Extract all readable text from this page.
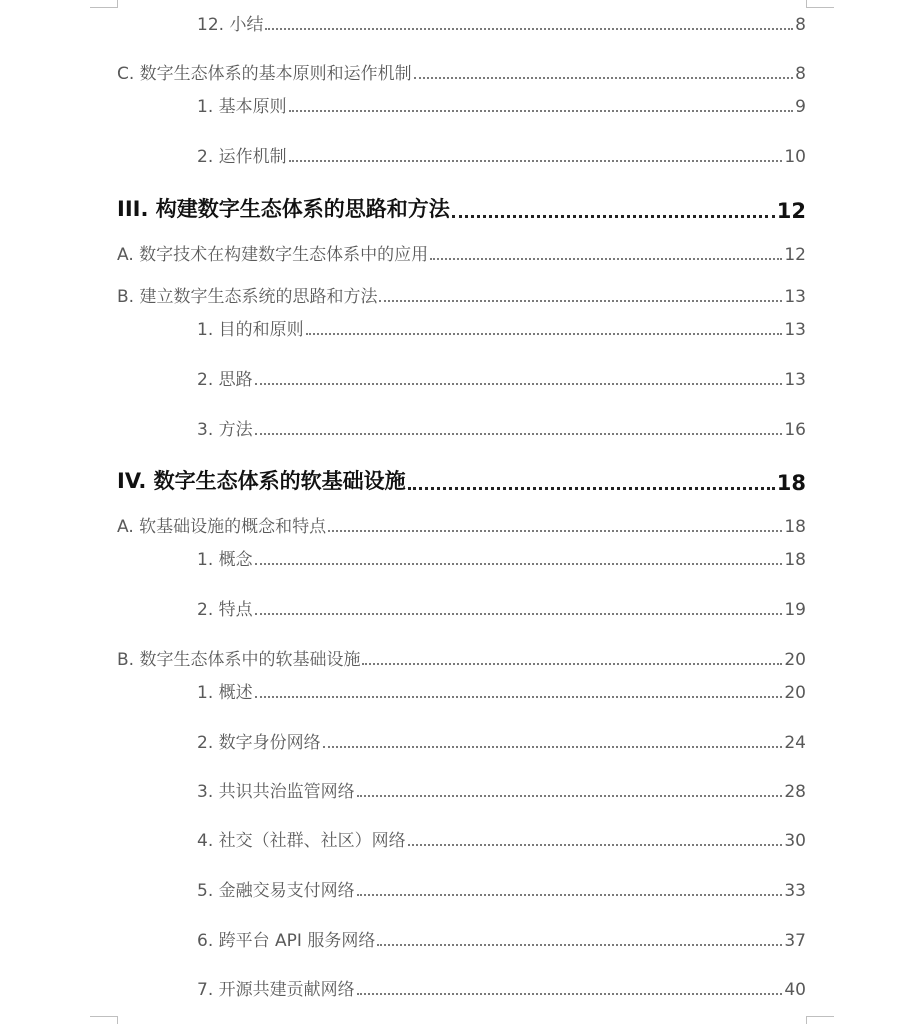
12. 小结	8
C. 数字生态体系的基本原则和运作机制	8
1. 基本原则	9
2. 运作机制	10
III. 构建数字生态体系的思路和方法	12
A. 数字技术在构建数字生态体系中的应用	12
B. 建立数字生态系统的思路和方法	13
1. 目的和原则	13
2. 思路	13
3. 方法	16
IV. 数字生态体系的软基础设施	18
A. 软基础设施的概念和特点	18
1. 概念	18
2. 特点	19
B. 数字生态体系中的软基础设施	20
1. 概述	20
2. 数字身份网络	24
3. 共识共治监管网络	28
4. 社交（社群、社区）网络	30
5. 金融交易支付网络	33
6. 跨平台 API 服务网络	37
7. 开源共建贡献网络	40
